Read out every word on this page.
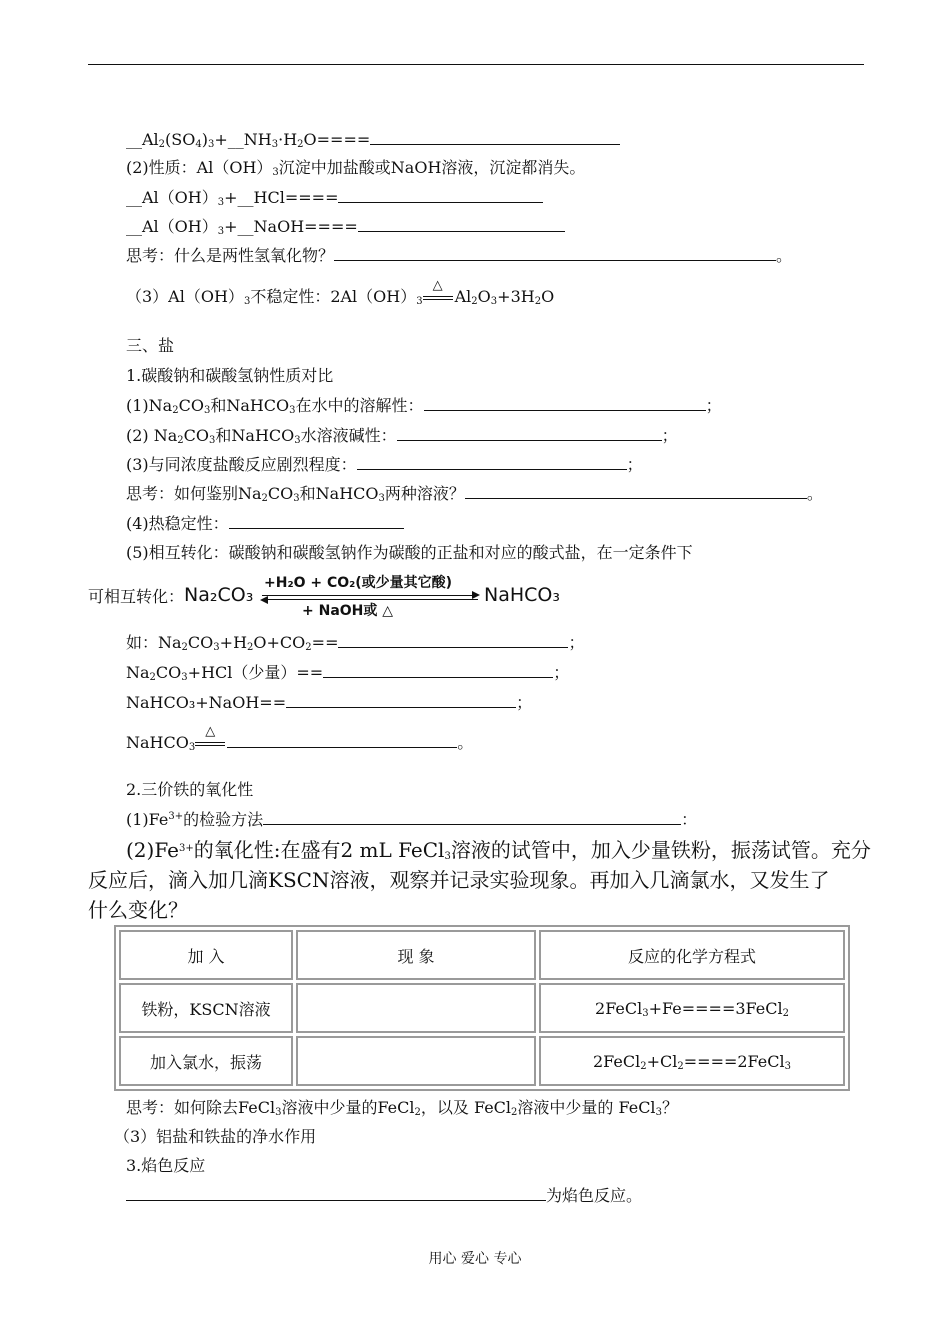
$\_\_Al_2(SO_4)_3+\_\_NH_3\cdot H_2O====$
(2)性质：$Al(OH)_3$沉淀中加盐酸或NaOH溶液，沉淀都消失。
$\_\_Al(OH)_3+\_\_HCl====$
$\_\_Al(OH)_3+\_\_NaOH====$
思考：什么是两性氢氧化物？	。
$(3)Al(OH)_3$不稳定性：$2Al(OH)_3$
△
$Al_2O_3+3H_2O$
三、盐
1.碳酸钠和碳酸氢钠性质对比
$(1)Na_2CO_3$和NaHCO$_3$在水中的溶解性：	；
(2) $Na_2CO_3$和NaHCO$_3$水溶液碱性：	；
(3)与同浓度盐酸反应剧烈程度：	；
思考：如何鉴别$Na_2CO_3$和NaHCO$_3$两种溶液？	。
(4)热稳定性：
(5)相互转化：碳酸钠和碳酸氢钠作为碳酸的正盐和对应的酸式盐，在一定条件下
可相互转化： Na₂CO₃
+H₂O + CO₂(或少量其它酸)
+ NaOH或 △
NaHCO₃
如：$Na_2CO_3+H_2O+CO_2==$	；
$Na_2CO_3+HCl$（少量）==	；
NaHCO₃+NaOH==	；
NaHCO$_3$
△
。
2.三价铁的氧化性
$(1)Fe^{3+}$的检验方法	：
$(2)Fe^{3+}$的氧化性:在盛有2 mL FeCl$_3$溶液的试管中，加入少量铁粉，振荡试管。充分
反应后，滴入加几滴KSCN溶液，观察并记录实验现象。再加入几滴氯水，又发生了
什么变化？
加 入	现 象	反应的化学方程式
铁粉，KSCN溶液		2FeCl$_3$+Fe====3FeCl$_2$
加入氯水，振荡		$2FeCl_2+Cl_2====2FeCl_3$
思考：如何除去FeCl$_3$溶液中少量的FeCl$_2$，以及 FeCl$_2$溶液中少量的 FeCl$_3$？
（3）铝盐和铁盐的净水作用
3.焰色反应
为焰色反应。
用心 爱心 专心
